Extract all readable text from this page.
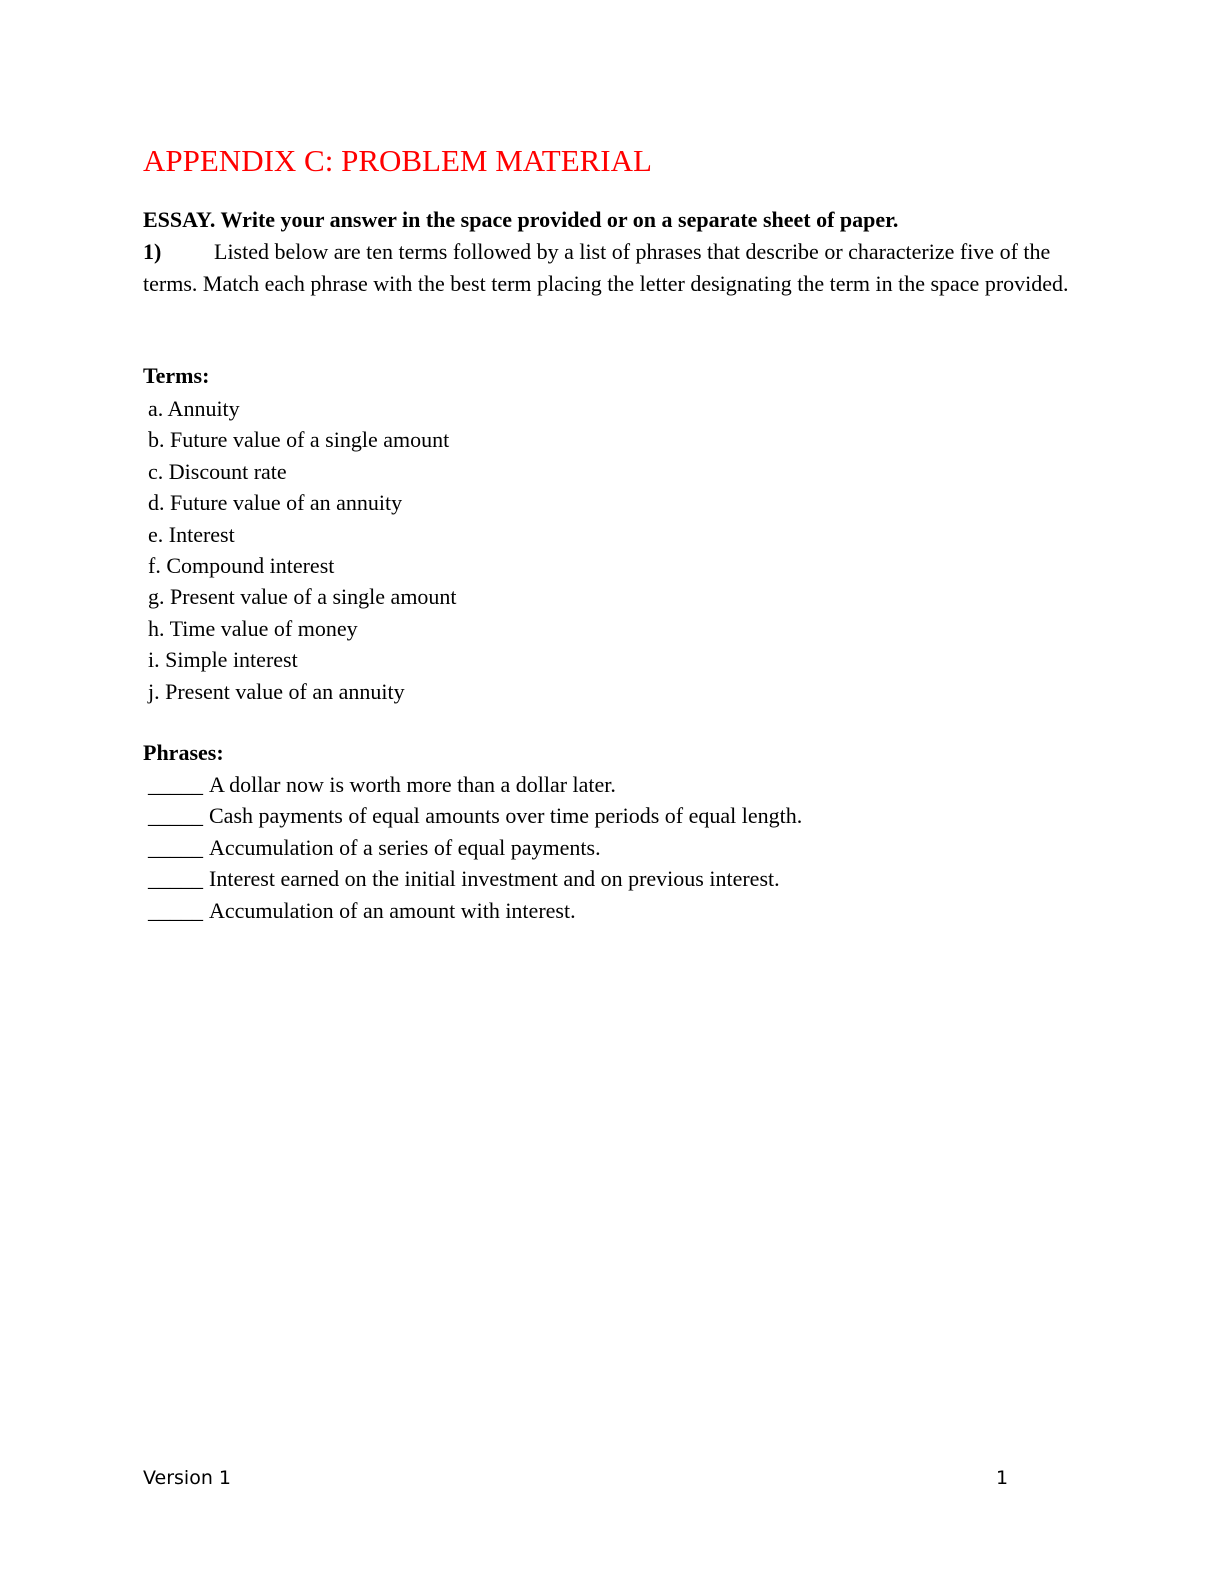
APPENDIX C: PROBLEM MATERIAL
ESSAY. Write your answer in the space provided or on a separate sheet of paper.
1) Listed below are ten terms followed by a list of phrases that describe or characterize five of the terms. Match each phrase with the best term placing the letter designating the term in the space provided.
Terms:
a. Annuity
b. Future value of a single amount
c. Discount rate
d. Future value of an annuity
e. Interest
f. Compound interest
g. Present value of a single amount
h. Time value of money
i. Simple interest
j. Present value of an annuity
Phrases:
_____ A dollar now is worth more than a dollar later.
_____ Cash payments of equal amounts over time periods of equal length.
_____ Accumulation of a series of equal payments.
_____ Interest earned on the initial investment and on previous interest.
_____ Accumulation of an amount with interest.
Version 1	1
